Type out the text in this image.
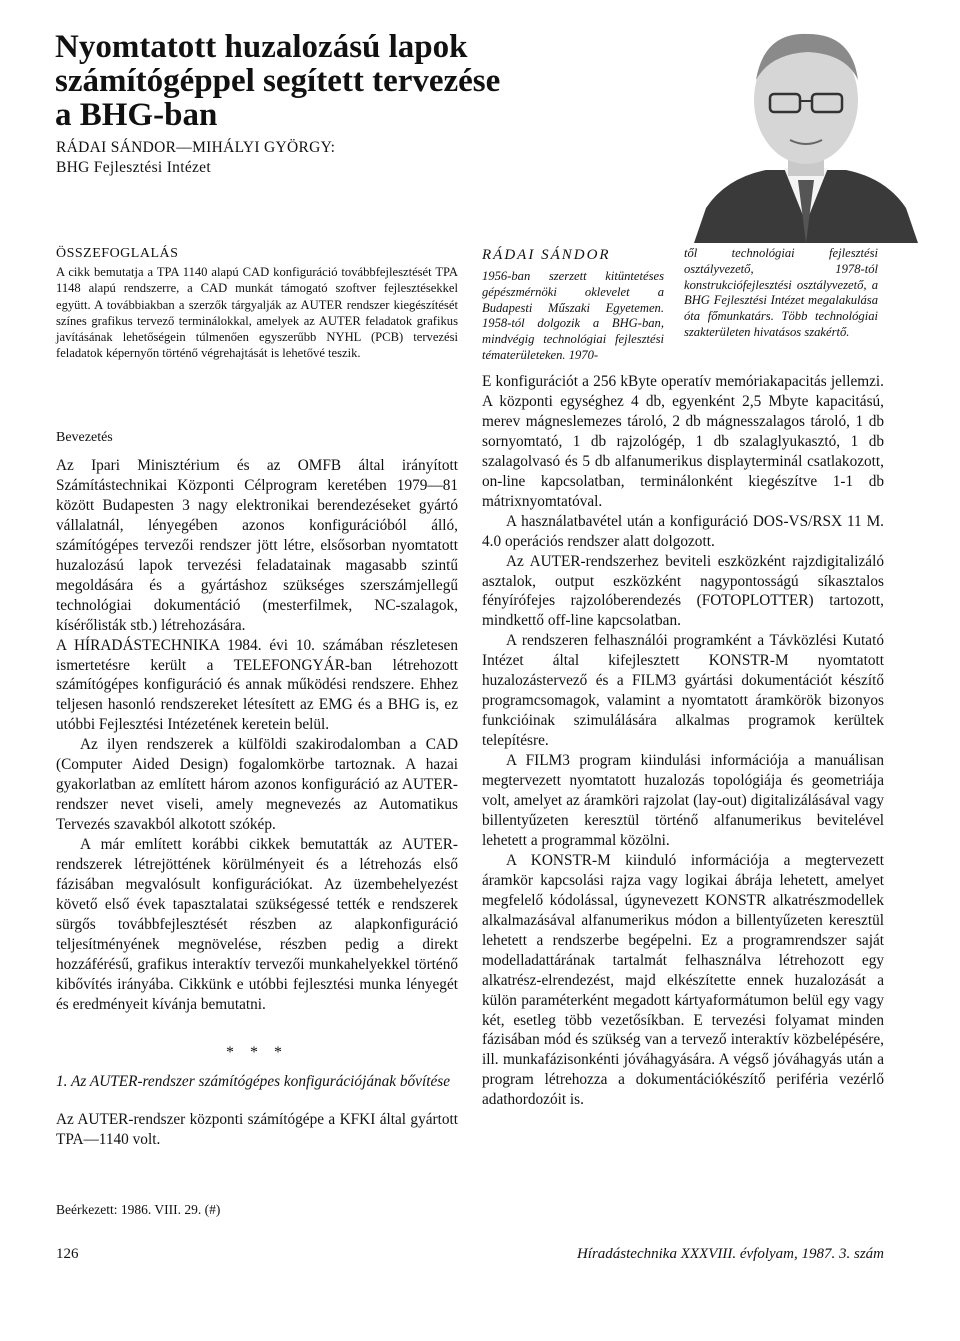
Nyomtatott huzalozású lapok
számítógéppel segített tervezése
a BHG-ban
RÁDAI SÁNDOR—MIHÁLYI GYÖRGY:
BHG Fejlesztési Intézet
ÖSSZEFOGLALÁS
A cikk bemutatja a TPA 1140 alapú CAD konfiguráció továbbfejlesztését TPA 1148 alapú rendszerre, a CAD munkát támogató szoftver fejlesztésekkel együtt. A továbbiakban a szerzők tárgyalják az AUTER rendszer kiegészítését színes grafikus tervező terminálokkal, amelyek az AUTER feladatok grafikus javításának lehetőségein túlmenően egyszerűbb NYHL (PCB) tervezési feladatok képernyőn történő végrehajtását is lehetővé teszik.
RÁDAI SÁNDOR
1956-ban szerzett kitüntetéses gépészmérnöki oklevelet a Budapesti Műszaki Egyetemen. 1958-tól dolgozik a BHG-ban, mindvégig technológiai fejlesztési tématerületeken. 1970-
től technológiai fejlesztési osztályvezető, 1978-tól konstrukciófejlesztési osztályvezető, a BHG Fejlesztési Intézet megalakulása óta főmunkatárs. Több technológiai szakterületen hivatásos szakértő.
Bevezetés

Az Ipari Minisztérium és az OMFB által irányított Számítástechnikai Központi Célprogram keretében 1979—81 között Budapesten 3 nagy elektronikai berendezéseket gyártó vállalatnál, lényegében azonos konfigurációból álló, számítógépes tervezői rendszer jött létre, elsősorban nyomtatott huzalozású lapok tervezési feladatainak magasabb szintű megoldására és a gyártáshoz szükséges szerszámjellegű technológiai dokumentáció (mesterfilmek, NC-szalagok, kísérőlisták stb.) létrehozására.

A HÍRADÁSTECHNIKA 1984. évi 10. számában részletesen ismertetésre került a TELEFONGYÁR-ban létrehozott számítógépes konfiguráció és annak működési rendszere. Ehhez teljesen hasonló rendszereket létesített az EMG és a BHG is, ez utóbbi Fejlesztési Intézetének keretein belül.

Az ilyen rendszerek a külföldi szakirodalomban a CAD (Computer Aided Design) fogalomkörbe tartoznak. A hazai gyakorlatban az említett három azonos konfiguráció az AUTER-rendszer nevet viseli, amely megnevezés az Automatikus Tervezés szavakból alkotott szókép.

A már említett korábbi cikkek bemutatták az AUTER-rendszerek létrejöttének körülményeit és a létrehozás első fázisában megvalósult konfigurációkat. Az üzembehelyezést követő első évek tapasztalatai szükségessé tették e rendszerek sürgős továbbfejlesztését részben az alapkonfiguráció teljesítményének megnövelése, részben pedig a direkt hozzáférésű, grafikus interaktív tervezői munkahelyekkel történő kibővítés irányába. Cikkünk e utóbbi fejlesztési munka lényegét és eredményeit kívánja bemutatni.

* * *
1. Az AUTER-rendszer számítógépes konfigurációjának bővítése
Az AUTER-rendszer központi számítógépe a KFKI által gyártott TPA—1140 volt.
Beérkezett: 1986. VIII. 29. (#)

E konfigurációt a 256 kByte operatív memóriakapacitás jellemzi. A központi egységhez 4 db, egyenként 2,5 Mbyte kapacitású, merev mágneslemezes tároló, 2 db mágnesszalagos tároló, 1 db sornyomtató, 1 db rajzológép, 1 db szalaglyukasztó, 1 db szalagolvasó és 5 db alfanumerikus displayterminál csatlakozott, on-line kapcsolatban, terminálonként kiegészítve 1-1 db mátrixnyomtatóval.

A használatbavétel után a konfiguráció DOS-VS/RSX 11 M. 4.0 operációs rendszer alatt dolgozott.

Az AUTER-rendszerhez beviteli eszközként rajzdigitalizáló asztalok, output eszközként nagypontosságú síkasztalos fényírófejes rajzolóberendezés (FOTOPLOTTER) tartozott, mindkettő off-line kapcsolatban.

A rendszeren felhasználói programként a Távközlési Kutató Intézet által kifejlesztett KONSTR-M nyomtatott huzalozástervező és a FILM3 gyártási dokumentációt készítő programcsomagok, valamint a nyomtatott áramkörök bizonyos funkcióinak szimulálására alkalmas programok kerültek telepítésre.

A FILM3 program kiindulási információja a manuálisan megtervezett nyomtatott huzalozás topológiája és geometriája volt, amelyet az áramköri rajzolat (lay-out) digitalizálásával vagy billentyűzeten keresztül történő alfanumerikus bevitelével lehetett a programmal közölni.

A KONSTR-M kiinduló információja a megtervezett áramkör kapcsolási rajza vagy logikai ábrája lehetett, amelyet megfelelő kódolással, úgynevezett KONSTR alkatrészmodellek alkalmazásával alfanumerikus módon a billentyűzeten keresztül lehetett a rendszerbe begépelni. Ez a programrendszer saját modelladattárának tartalmát felhasználva létrehozott egy alkatrész-elrendezést, majd elkészítette ennek huzalozását a külön paraméterként megadott kártyaformátumon belül egy vagy két, esetleg több vezetősíkban. E tervezési folyamat minden fázisában mód és szükség van a tervező interaktív közbelépésére, ill. munkafázisonkénti jóváhagyására. A végső jóváhagyás után a program létrehozza a dokumentációkészítő periféria vezérlő adathordozóit is.

126	Híradástechnika XXXVIII. évfolyam, 1987. 3. szám
